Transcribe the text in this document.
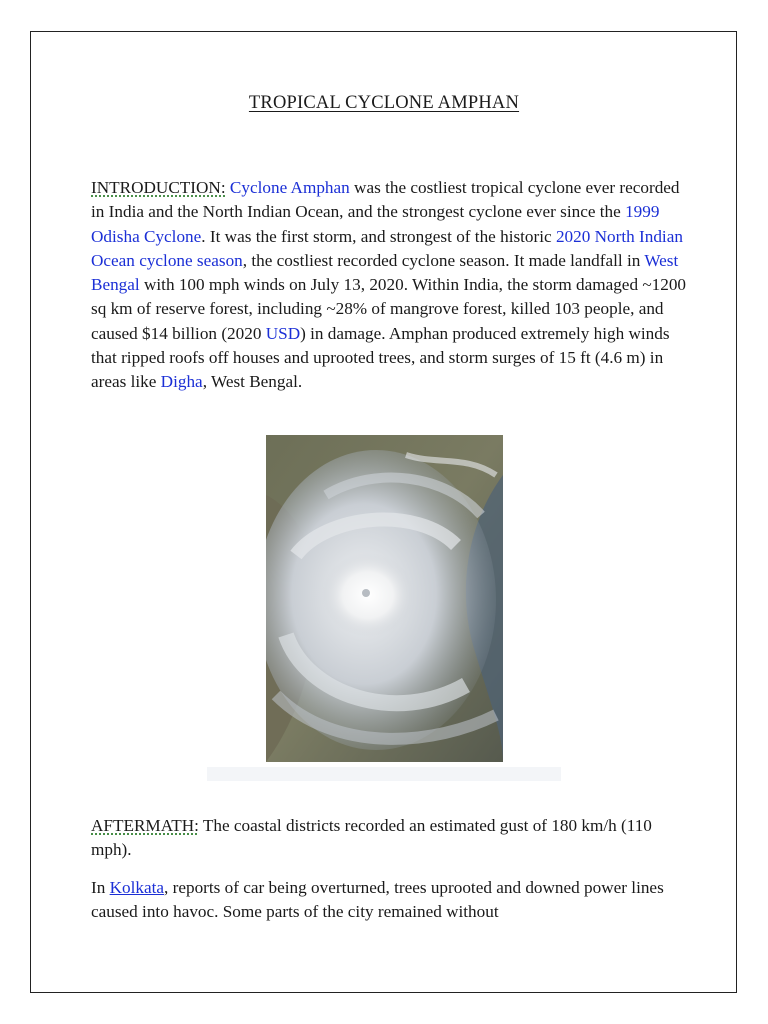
TROPICAL CYCLONE AMPHAN

INTRODUCTION: Cyclone Amphan was the costliest tropical cyclone ever recorded in India and the North Indian Ocean, and the strongest cyclone ever since the 1999 Odisha Cyclone. It was the first storm, and strongest of the historic 2020 North Indian Ocean cyclone season, the costliest recorded cyclone season. It made landfall in West Bengal with 100 mph winds on July 13, 2020. Within India, the storm damaged ~1200 sq km of reserve forest, including ~28% of mangrove forest, killed 103 people, and caused $14 billion (2020 USD) in damage. Amphan produced extremely high winds that ripped roofs off houses and uprooted trees, and storm surges of 15 ft (4.6 m) in areas like Digha, West Bengal.

AFTERMATH: The coastal districts recorded an estimated gust of 180 km/h (110 mph).

In Kolkata, reports of car being overturned, trees uprooted and downed power lines caused into havoc. Some parts of the city remained without
